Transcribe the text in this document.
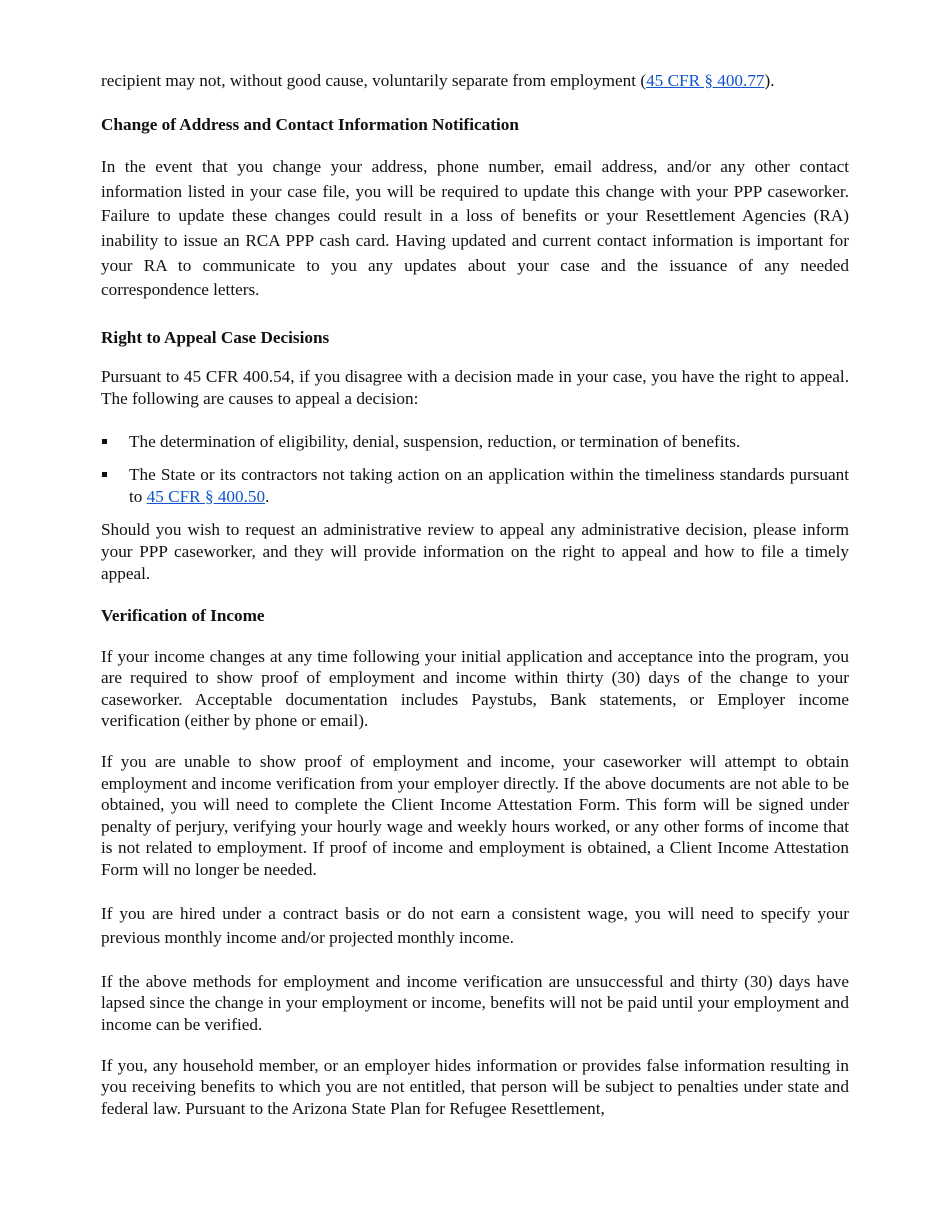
recipient may not, without good cause, voluntarily separate from employment (45 CFR § 400.77).

Change of Address and Contact Information Notification

In the event that you change your address, phone number, email address, and/or any other contact information listed in your case file, you will be required to update this change with your PPP caseworker. Failure to update these changes could result in a loss of benefits or your Resettlement Agencies (RA) inability to issue an RCA PPP cash card. Having updated and current contact information is important for your RA to communicate to you any updates about your case and the issuance of any needed correspondence letters.

Right to Appeal Case Decisions

Pursuant to 45 CFR 400.54, if you disagree with a decision made in your case, you have the right to appeal. The following are causes to appeal a decision:

The determination of eligibility, denial, suspension, reduction, or termination of benefits.
The State or its contractors not taking action on an application within the timeliness standards pursuant to 45 CFR § 400.50.

Should you wish to request an administrative review to appeal any administrative decision, please inform your PPP caseworker, and they will provide information on the right to appeal and how to file a timely appeal.

Verification of Income

If your income changes at any time following your initial application and acceptance into the program, you are required to show proof of employment and income within thirty (30) days of the change to your caseworker. Acceptable documentation includes Paystubs, Bank statements, or Employer income verification (either by phone or email).

If you are unable to show proof of employment and income, your caseworker will attempt to obtain employment and income verification from your employer directly. If the above documents are not able to be obtained, you will need to complete the Client Income Attestation Form. This form will be signed under penalty of perjury, verifying your hourly wage and weekly hours worked, or any other forms of income that is not related to employment. If proof of income and employment is obtained, a Client Income Attestation Form will no longer be needed.

If you are hired under a contract basis or do not earn a consistent wage, you will need to specify your previous monthly income and/or projected monthly income.

If the above methods for employment and income verification are unsuccessful and thirty (30) days have lapsed since the change in your employment or income, benefits will not be paid until your employment and income can be verified.

If you, any household member, or an employer hides information or provides false information resulting in you receiving benefits to which you are not entitled, that person will be subject to penalties under state and federal law. Pursuant to the Arizona State Plan for Refugee Resettlement,
